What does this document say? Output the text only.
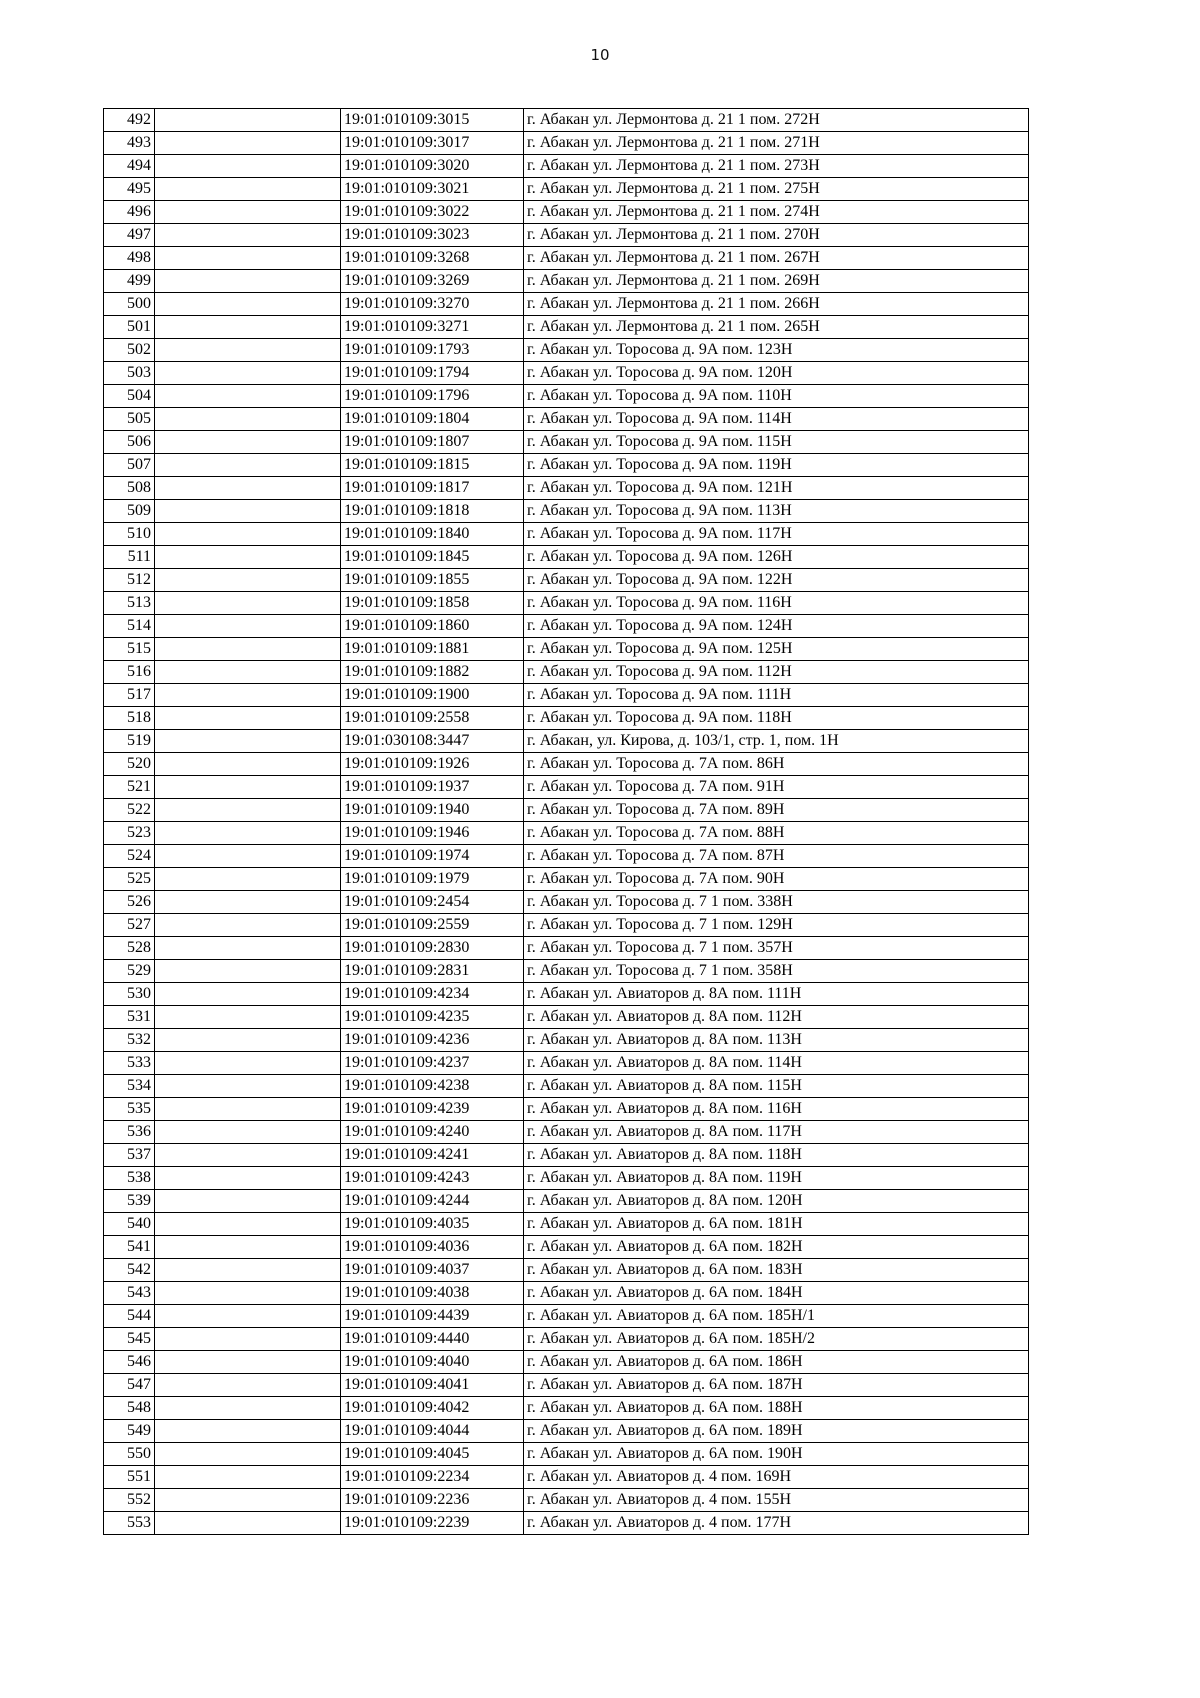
10
492		19:01:010109:3015	г. Абакан ул. Лермонтова д. 21 1 пом. 272Н
493		19:01:010109:3017	г. Абакан ул. Лермонтова д. 21 1 пом. 271Н
494		19:01:010109:3020	г. Абакан ул. Лермонтова д. 21 1 пом. 273Н
495		19:01:010109:3021	г. Абакан ул. Лермонтова д. 21 1 пом. 275Н
496		19:01:010109:3022	г. Абакан ул. Лермонтова д. 21 1 пом. 274Н
497		19:01:010109:3023	г. Абакан ул. Лермонтова д. 21 1 пом. 270Н
498		19:01:010109:3268	г. Абакан ул. Лермонтова д. 21 1 пом. 267Н
499		19:01:010109:3269	г. Абакан ул. Лермонтова д. 21 1 пом. 269Н
500		19:01:010109:3270	г. Абакан ул. Лермонтова д. 21 1 пом. 266Н
501		19:01:010109:3271	г. Абакан ул. Лермонтова д. 21 1 пом. 265Н
502		19:01:010109:1793	г. Абакан ул. Торосова д. 9А пом. 123Н
503		19:01:010109:1794	г. Абакан ул. Торосова д. 9А пом. 120Н
504		19:01:010109:1796	г. Абакан ул. Торосова д. 9А пом. 110Н
505		19:01:010109:1804	г. Абакан ул. Торосова д. 9А пом. 114Н
506		19:01:010109:1807	г. Абакан ул. Торосова д. 9А пом. 115Н
507		19:01:010109:1815	г. Абакан ул. Торосова д. 9А пом. 119Н
508		19:01:010109:1817	г. Абакан ул. Торосова д. 9А пом. 121Н
509		19:01:010109:1818	г. Абакан ул. Торосова д. 9А пом. 113Н
510		19:01:010109:1840	г. Абакан ул. Торосова д. 9А пом. 117Н
511		19:01:010109:1845	г. Абакан ул. Торосова д. 9А пом. 126Н
512		19:01:010109:1855	г. Абакан ул. Торосова д. 9А пом. 122Н
513		19:01:010109:1858	г. Абакан ул. Торосова д. 9А пом. 116Н
514		19:01:010109:1860	г. Абакан ул. Торосова д. 9А пом. 124Н
515		19:01:010109:1881	г. Абакан ул. Торосова д. 9А пом. 125Н
516		19:01:010109:1882	г. Абакан ул. Торосова д. 9А пом. 112Н
517		19:01:010109:1900	г. Абакан ул. Торосова д. 9А пом. 111Н
518		19:01:010109:2558	г. Абакан ул. Торосова д. 9А пом. 118Н
519		19:01:030108:3447	г. Абакан, ул. Кирова, д. 103/1, стр. 1, пом. 1Н
520		19:01:010109:1926	г. Абакан ул. Торосова д. 7А пом. 86Н
521		19:01:010109:1937	г. Абакан ул. Торосова д. 7А пом. 91Н
522		19:01:010109:1940	г. Абакан ул. Торосова д. 7А пом. 89Н
523		19:01:010109:1946	г. Абакан ул. Торосова д. 7А пом. 88Н
524		19:01:010109:1974	г. Абакан ул. Торосова д. 7А пом. 87Н
525		19:01:010109:1979	г. Абакан ул. Торосова д. 7А пом. 90Н
526		19:01:010109:2454	г. Абакан ул. Торосова д. 7 1 пом. 338Н
527		19:01:010109:2559	г. Абакан ул. Торосова д. 7 1 пом. 129Н
528		19:01:010109:2830	г. Абакан ул. Торосова д. 7 1 пом. 357Н
529		19:01:010109:2831	г. Абакан ул. Торосова д. 7 1 пом. 358Н
530		19:01:010109:4234	г. Абакан ул. Авиаторов д. 8А пом. 111Н
531		19:01:010109:4235	г. Абакан ул. Авиаторов д. 8А пом. 112Н
532		19:01:010109:4236	г. Абакан ул. Авиаторов д. 8А пом. 113Н
533		19:01:010109:4237	г. Абакан ул. Авиаторов д. 8А пом. 114Н
534		19:01:010109:4238	г. Абакан ул. Авиаторов д. 8А пом. 115Н
535		19:01:010109:4239	г. Абакан ул. Авиаторов д. 8А пом. 116Н
536		19:01:010109:4240	г. Абакан ул. Авиаторов д. 8А пом. 117Н
537		19:01:010109:4241	г. Абакан ул. Авиаторов д. 8А пом. 118Н
538		19:01:010109:4243	г. Абакан ул. Авиаторов д. 8А пом. 119Н
539		19:01:010109:4244	г. Абакан ул. Авиаторов д. 8А пом. 120Н
540		19:01:010109:4035	г. Абакан ул. Авиаторов д. 6А пом. 181Н
541		19:01:010109:4036	г. Абакан ул. Авиаторов д. 6А пом. 182Н
542		19:01:010109:4037	г. Абакан ул. Авиаторов д. 6А пом. 183Н
543		19:01:010109:4038	г. Абакан ул. Авиаторов д. 6А пом. 184Н
544		19:01:010109:4439	г. Абакан ул. Авиаторов д. 6А пом. 185Н/1
545		19:01:010109:4440	г. Абакан ул. Авиаторов д. 6А пом. 185Н/2
546		19:01:010109:4040	г. Абакан ул. Авиаторов д. 6А пом. 186Н
547		19:01:010109:4041	г. Абакан ул. Авиаторов д. 6А пом. 187Н
548		19:01:010109:4042	г. Абакан ул. Авиаторов д. 6А пом. 188Н
549		19:01:010109:4044	г. Абакан ул. Авиаторов д. 6А пом. 189Н
550		19:01:010109:4045	г. Абакан ул. Авиаторов д. 6А пом. 190Н
551		19:01:010109:2234	г. Абакан ул. Авиаторов д. 4 пом. 169Н
552		19:01:010109:2236	г. Абакан ул. Авиаторов д. 4 пом. 155Н
553		19:01:010109:2239	г. Абакан ул. Авиаторов д. 4 пом. 177Н
